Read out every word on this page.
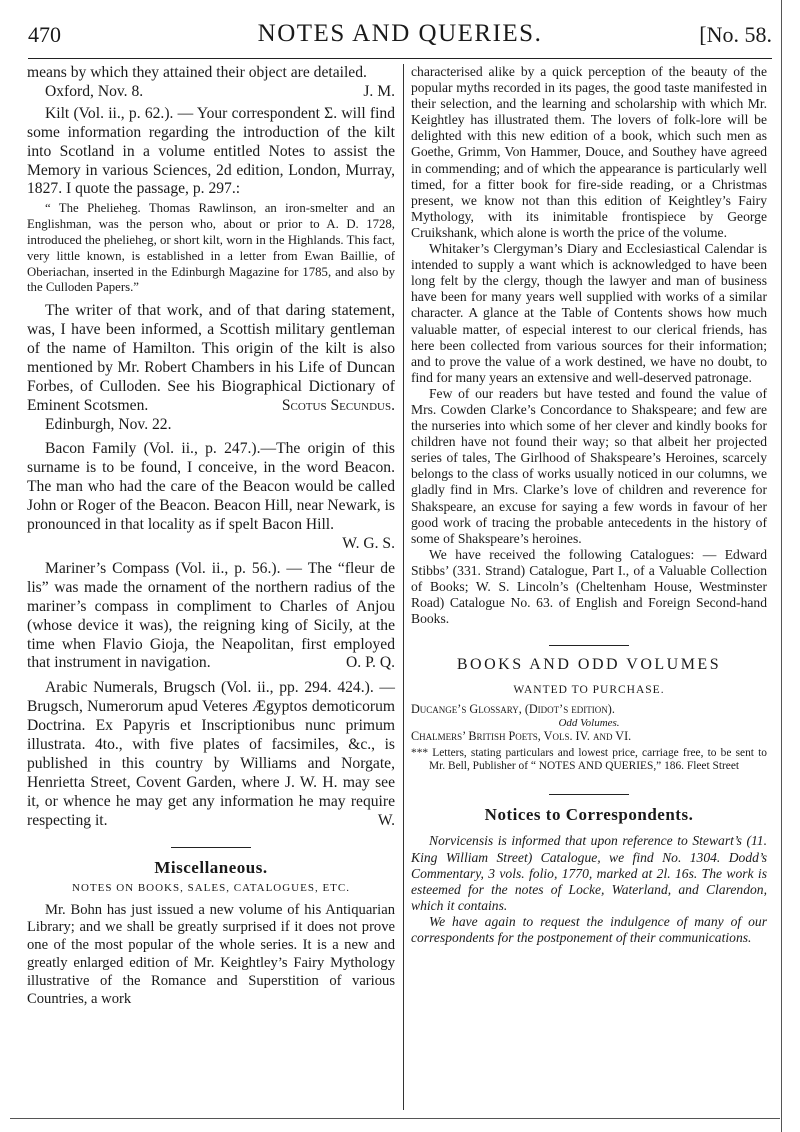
470	NOTES AND QUERIES.	[No. 58.

means by which they attained their object are detailed.
J. M.

Oxford, Nov. 8.

Kilt (Vol. ii., p. 62.). — Your correspondent Σ. will find some information regarding the introduction of the kilt into Scotland in a volume entitled Notes to assist the Memory in various Sciences, 2d edition, London, Murray, 1827. I quote the passage, p. 297.:

“ The Phelieheg. Thomas Rawlinson, an iron-smelter and an Englishman, was the person who, about or prior to A. D. 1728, introduced the phelieheg, or short kilt, worn in the Highlands. This fact, very little known, is established in a letter from Ewan Baillie, of Oberiachan, inserted in the Edinburgh Magazine for 1785, and also by the Culloden Papers.”

The writer of that work, and of that daring statement, was, I have been informed, a Scottish military gentleman of the name of Hamilton. This origin of the kilt is also mentioned by Mr. Robert Chambers in his Life of Duncan Forbes, of Culloden. See his Biographical Dictionary of Eminent Scotsmen.	Scotus Secundus.

Edinburgh, Nov. 22.

Bacon Family (Vol. ii., p. 247.).—The origin of this surname is to be found, I conceive, in the word Beacon. The man who had the care of the Beacon would be called John or Roger of the Beacon. Beacon Hill, near Newark, is pronounced in that locality as if spelt Bacon Hill.

W. G. S.

Mariner’s Compass (Vol. ii., p. 56.). — The “fleur de lis” was made the ornament of the northern radius of the mariner’s compass in compliment to Charles of Anjou (whose device it was), the reigning king of Sicily, at the time when Flavio Gioja, the Neapolitan, first employed that instrument in navigation.	O. P. Q.

Arabic Numerals, Brugsch (Vol. ii., pp. 294. 424.). — Brugsch, Numerorum apud Veteres Ægyptos demoticorum Doctrina. Ex Papyris et Inscriptionibus nunc primum illustrata. 4to., with five plates of facsimiles, &c., is published in this country by Williams and Norgate, Henrietta Street, Covent Garden, where J. W. H. may see it, or whence he may get any information he may require respecting it.	W.

Miscellaneous.

NOTES ON BOOKS, SALES, CATALOGUES, ETC.

Mr. Bohn has just issued a new volume of his Antiquarian Library; and we shall be greatly surprised if it does not prove one of the most popular of the whole series. It is a new and greatly enlarged edition of Mr. Keightley’s Fairy Mythology illustrative of the Romance and Superstition of various Countries, a work

characterised alike by a quick perception of the beauty of the popular myths recorded in its pages, the good taste manifested in their selection, and the learning and scholarship with which Mr. Keightley has illustrated them. The lovers of folk-lore will be delighted with this new edition of a book, which such men as Goethe, Grimm, Von Hammer, Douce, and Southey have agreed in commending; and of which the appearance is particularly well timed, for a fitter book for fire-side reading, or a Christmas present, we know not than this edition of Keightley’s Fairy Mythology, with its inimitable frontispiece by George Cruikshank, which alone is worth the price of the volume.

Whitaker’s Clergyman’s Diary and Ecclesiastical Calendar is intended to supply a want which is acknowledged to have been long felt by the clergy, though the lawyer and man of business have been for many years well supplied with works of a similar character. A glance at the Table of Contents shows how much valuable matter, of especial interest to our clerical friends, has here been collected from various sources for their information; and to prove the value of a work destined, we have no doubt, to find for many years an extensive and well-deserved patronage.

Few of our readers but have tested and found the value of Mrs. Cowden Clarke’s Concordance to Shakspeare; and few are the nurseries into which some of her clever and kindly books for children have not found their way; so that albeit her projected series of tales, The Girlhood of Shakspeare’s Heroines, scarcely belongs to the class of works usually noticed in our columns, we gladly find in Mrs. Clarke’s love of children and reverence for Shakspeare, an excuse for saying a few words in favour of her good work of tracing the probable antecedents in the history of some of Shakspeare’s heroines.

We have received the following Catalogues: — Edward Stibbs’ (331. Strand) Catalogue, Part I., of a Valuable Collection of Books; W. S. Lincoln’s (Cheltenham House, Westminster Road) Catalogue No. 63. of English and Foreign Second-hand Books.

BOOKS AND ODD VOLUMES

WANTED TO PURCHASE.

Ducange’s Glossary, (Didot’s edition).

Odd Volumes.

Chalmers’ British Poets, Vols. IV. and VI.

*** Letters, stating particulars and lowest price, carriage free, to be sent to Mr. Bell, Publisher of “ NOTES AND QUERIES,” 186. Fleet Street

Notices to Correspondents.

Norvicensis is informed that upon reference to Stewart’s (11. King William Street) Catalogue, we find No. 1304. Dodd’s Commentary, 3 vols. folio, 1770, marked at 2l. 16s. The work is esteemed for the notes of Locke, Waterland, and Clarendon, which it contains.

We have again to request the indulgence of many of our correspondents for the postponement of their communications.
